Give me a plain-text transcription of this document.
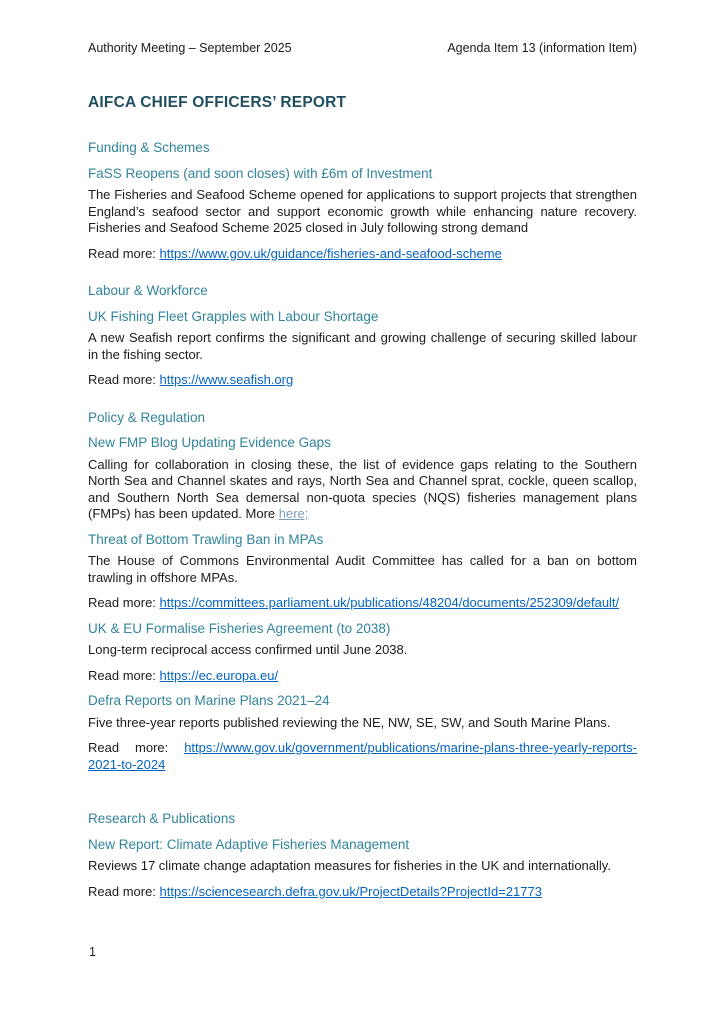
Authority Meeting – September 2025	Agenda Item 13 (information Item)
AIFCA CHIEF OFFICERS’ REPORT
Funding & Schemes
FaSS Reopens (and soon closes) with £6m of Investment

The Fisheries and Seafood Scheme opened for applications to support projects that strengthen England’s seafood sector and support economic growth while enhancing nature recovery. Fisheries and Seafood Scheme 2025 closed in July following strong demand

Read more: https://www.gov.uk/guidance/fisheries-and-seafood-scheme

Labour & Workforce
UK Fishing Fleet Grapples with Labour Shortage

A new Seafish report confirms the significant and growing challenge of securing skilled labour in the fishing sector.

Read more: https://www.seafish.org

Policy & Regulation
New FMP Blog Updating Evidence Gaps

Calling for collaboration in closing these, the list of evidence gaps relating to the Southern North Sea and Channel skates and rays, North Sea and Channel sprat, cockle, queen scallop, and Southern North Sea demersal non-quota species (NQS) fisheries management plans (FMPs) has been updated. More here;

Threat of Bottom Trawling Ban in MPAs

The House of Commons Environmental Audit Committee has called for a ban on bottom trawling in offshore MPAs.

Read more: https://committees.parliament.uk/publications/48204/documents/252309/default/

UK & EU Formalise Fisheries Agreement (to 2038)

Long-term reciprocal access confirmed until June 2038.

Read more: https://ec.europa.eu/

Defra Reports on Marine Plans 2021–24

Five three-year reports published reviewing the NE, NW, SE, SW, and South Marine Plans.

Read more: https://www.gov.uk/government/publications/marine-plans-three-yearly-reports-2021-to-2024

Research & Publications
New Report: Climate Adaptive Fisheries Management

Reviews 17 climate change adaptation measures for fisheries in the UK and internationally.

Read more: https://sciencesearch.defra.gov.uk/ProjectDetails?ProjectId=21773

1
